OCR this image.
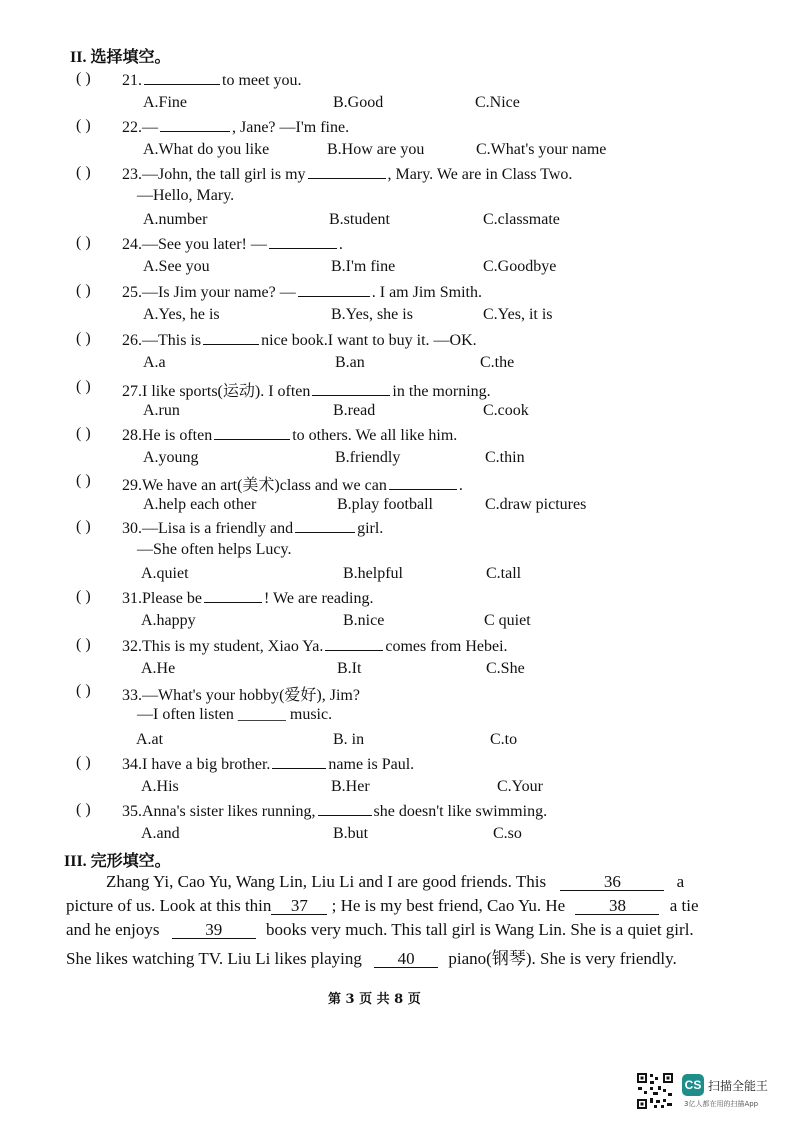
II. 选择填空。
( ) 21.	to meet you.
A.Fine	B.Good	C.Nice
( ) 22.—	, Jane? —I'm fine.
A.What do you like	B.How are you	C.What's your name
( ) 23.—John, the tall girl is my	, Mary. We are in Class Two.
—Hello, Mary.
A.number	B.student	C.classmate
( ) 24.—See you later! —	.
A.See you	B.I'm fine	C.Goodbye
( ) 25.—Is Jim your name? —	. I am Jim Smith.
A.Yes, he is	B.Yes, she is	C.Yes, it is
( ) 26.—This is	nice book.I want to buy it. —OK.
A.a	B.an	C.the
( ) 27.I like sports(运动). I often	in the morning.
A.run	B.read	C.cook
( ) 28.He is often	to others. We all like him.
A.young	B.friendly	C.thin
( ) 29.We have an art(美术)class and we can	.
A.help each other	B.play football	C.draw pictures
( ) 30.—Lisa is a friendly and	girl.
—She often helps Lucy.
A.quiet	B.helpful	C.tall
( ) 31.Please be	! We are reading.
A.happy	B.nice	C quiet
( ) 32.This is my student, Xiao Ya.	comes from Hebei.
A.He	B.It	C.She
( ) 33.—What's your hobby(爱好), Jim?
—I often listen ______ music.
A.at	B. in	C.to
( ) 34.I have a big brother.	name is Paul.
A.His	B.Her	C.Your
( ) 35.Anna's sister likes running,	she doesn't like swimming.
A.and	B.but	C.so
III. 完形填空。
Zhang Yi, Cao Yu, Wang Lin, Liu Li and I are good friends. This	36	a
picture of us. Look at this thin 37 ; He is my best friend, Cao Yu. He	38	a tie
and he enjoys	39	books very much. This tall girl is Wang Lin. She is a quiet girl.
She likes watching TV. Liu Li likes playing 40 piano(钢琴). She is very friendly.
第 3 页 共 8 页
CS 扫描全能王
3亿人都在用的扫描App
